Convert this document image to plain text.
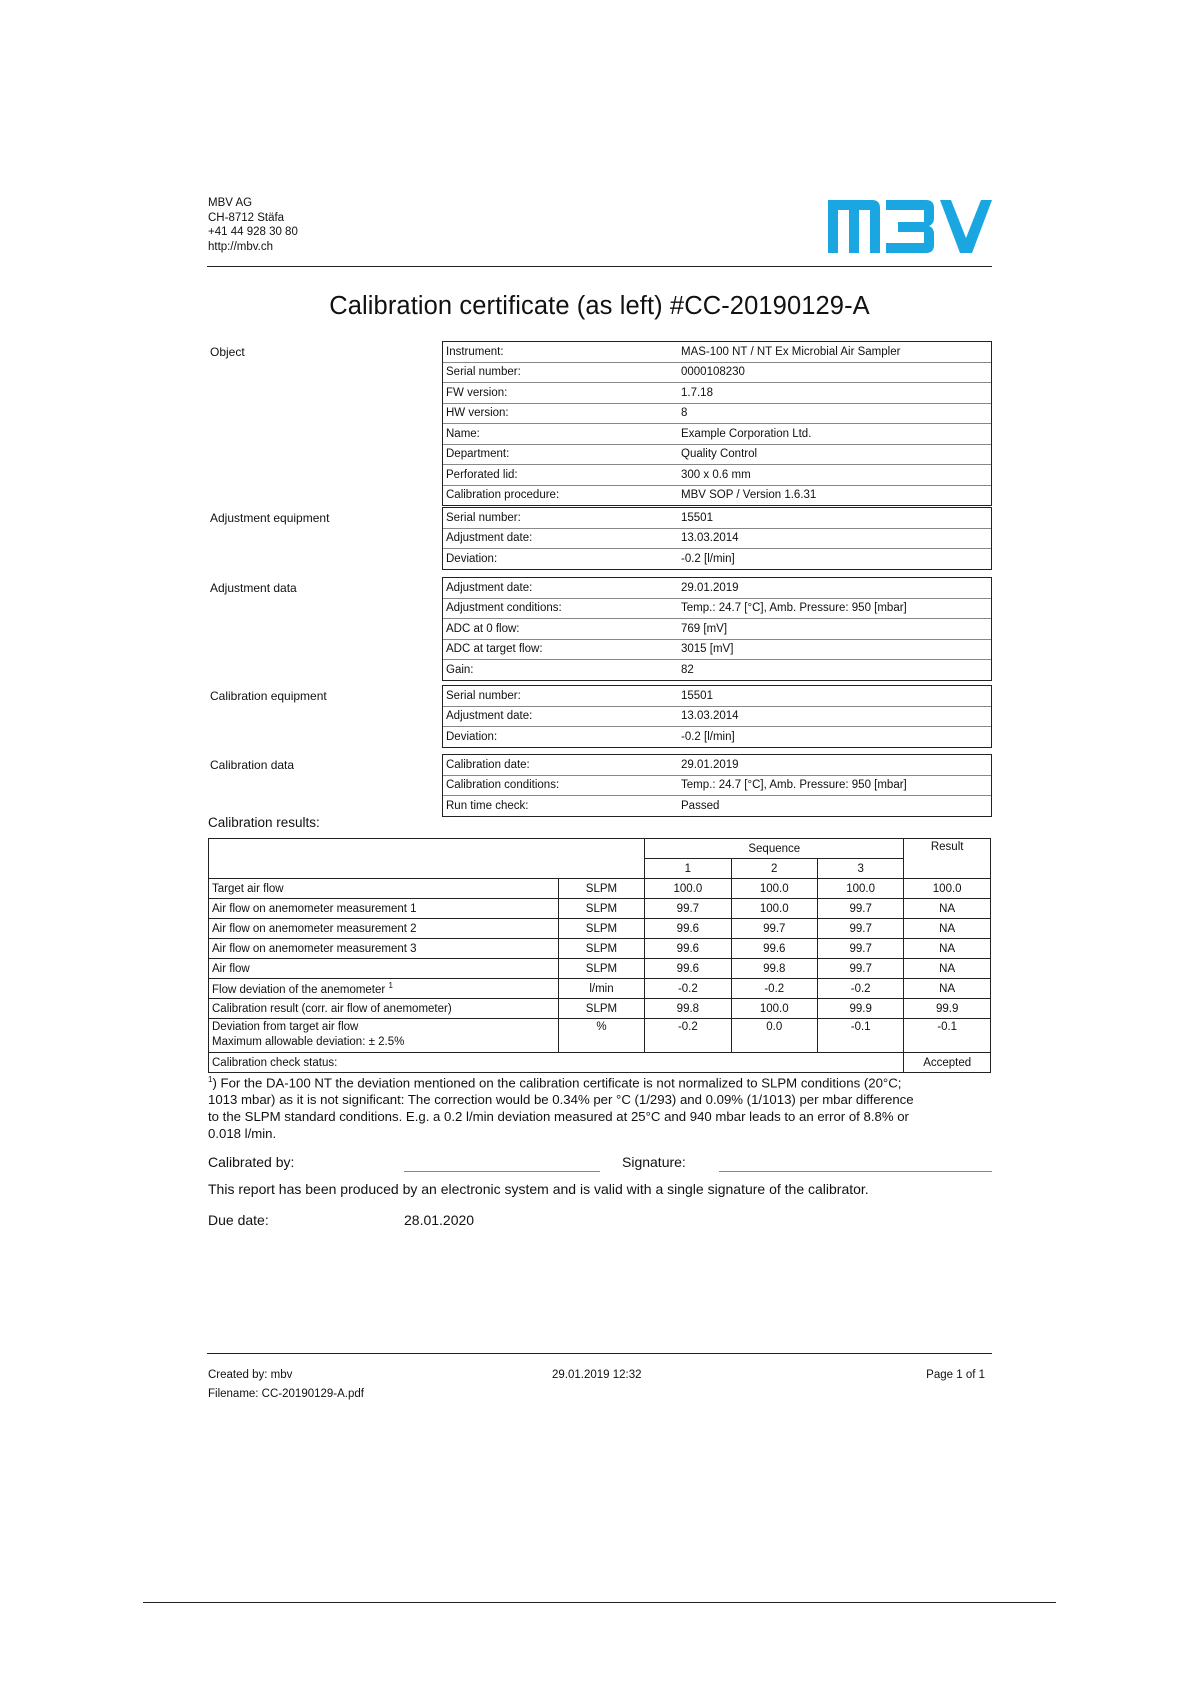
MBV AG
CH-8712 Stäfa
+41 44 928 30 80
http://mbv.ch
Calibration certificate (as left) #CC-20190129-A
Object	Instrument:	MAS-100 NT / NT Ex Microbial Air Sampler
Serial number:	0000108230
FW version:	1.7.18
HW version:	8
Name:	Example Corporation Ltd.
Department:	Quality Control
Perforated lid:	300 x 0.6 mm
Calibration procedure:	MBV SOP / Version 1.6.31
Adjustment equipment	Serial number:	15501
Adjustment date:	13.03.2014
Deviation:	-0.2 [l/min]
Adjustment data	Adjustment date:	29.01.2019
Adjustment conditions:	Temp.: 24.7 [°C], Amb. Pressure: 950 [mbar]
ADC at 0 flow:	769 [mV]
ADC at target flow:	3015 [mV]
Gain:	82
Calibration equipment	Serial number:	15501
Adjustment date:	13.03.2014
Deviation:	-0.2 [l/min]
Calibration data	Calibration date:	29.01.2019
Calibration conditions:	Temp.: 24.7 [°C], Amb. Pressure: 950 [mbar]
Run time check:	Passed
Calibration results:
		Sequence			Result
		1	2	3	
Target air flow	SLPM	100.0	100.0	100.0	100.0
Air flow on anemometer measurement 1	SLPM	99.7	100.0	99.7	NA
Air flow on anemometer measurement 2	SLPM	99.6	99.7	99.7	NA
Air flow on anemometer measurement 3	SLPM	99.6	99.6	99.7	NA
Air flow	SLPM	99.6	99.8	99.7	NA
Flow deviation of the anemometer $^1$	l/min	-0.2	-0.2	-0.2	NA
Calibration result (corr. air flow of anemometer)	SLPM	99.8	100.0	99.9	99.9

Deviation from target air flow
Maximum allowable deviation: ± 2.5%	%	-0.2	0.0	-0.1	-0.1
Calibration check status:					Accepted
$^1$) For the DA-100 NT the deviation mentioned on the calibration certificate is not normalized to SLPM conditions (20°C; 1013 mbar) as it is not significant: The correction would be 0.34% per °C (1/293) and 0.09% (1/1013) per mbar difference to the SLPM standard conditions. E.g. a 0.2 l/min deviation measured at 25°C and 940 mbar leads to an error of 8.8% or 0.018 l/min.
Calibrated by:	Signature:
This report has been produced by an electronic system and is valid with a single signature of the calibrator.
Due date:	28.01.2020
Created by: mbv
Filename: CC-20190129-A.pdf
29.01.2019 12:32	Page 1 of 1
